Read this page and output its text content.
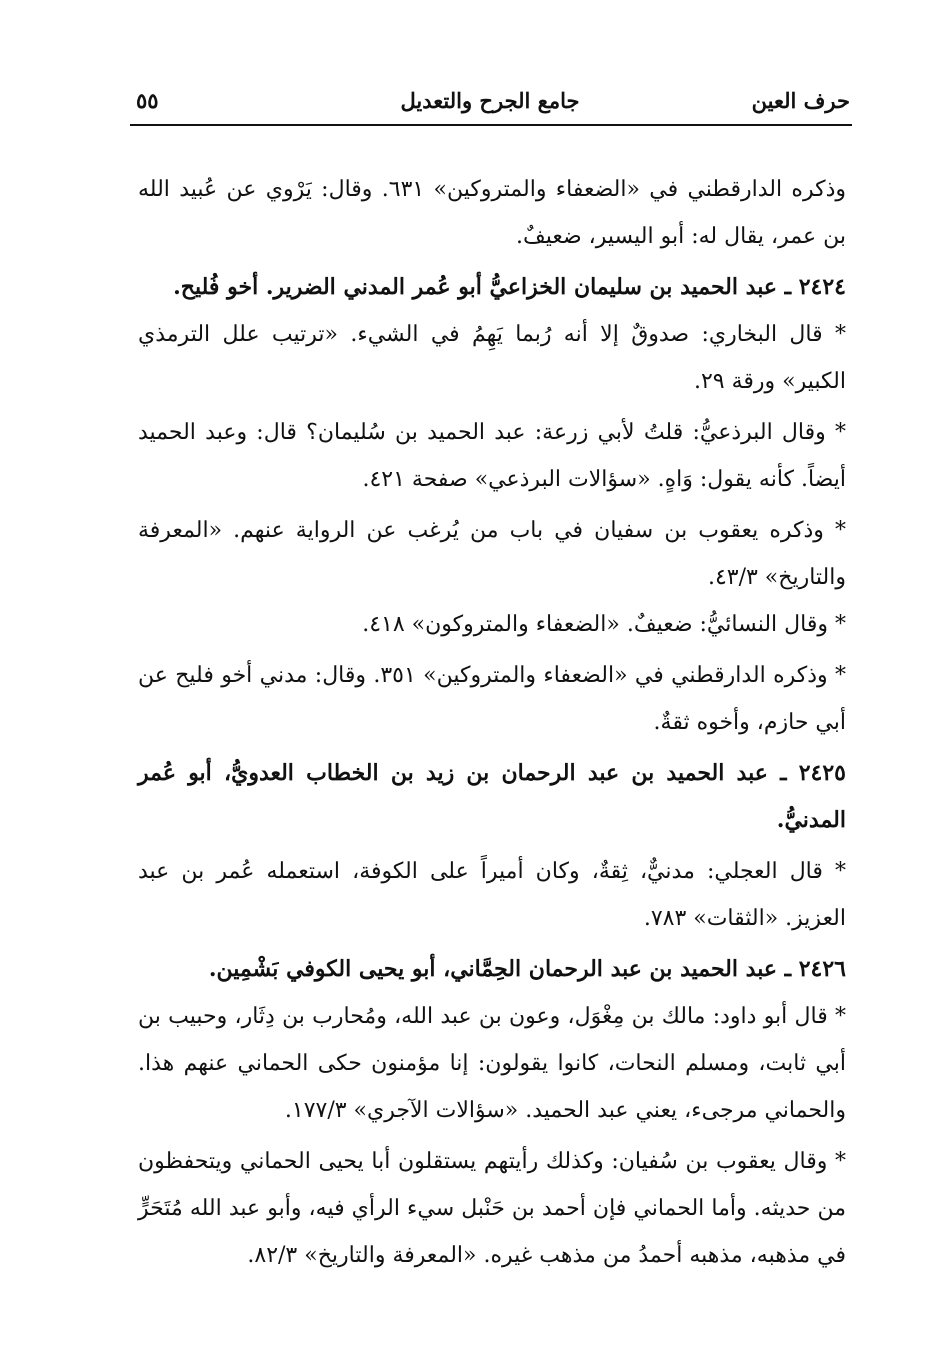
حرف العين
جامع الجرح والتعديل
٥٥

وذكره الدارقطني في «الضعفاء والمتروكين» ٦٣١. وقال: يَرْوي عن عُبيد الله بن عمر، يقال له: أبو اليسير، ضعيفٌ.

٢٤٢٤ ـ عبد الحميد بن سليمان الخزاعيُّ أبو عُمر المدني الضرير. أخو فُليح.

* قال البخاري: صدوقٌ إلا أنه رُبما يَهِمُ في الشيء. «ترتيب علل الترمذي الكبير» ورقة ٢٩.

* وقال البرذعيُّ: قلتُ لأبي زرعة: عبد الحميد بن سُليمان؟ قال: وعبد الحميد أيضاً. كأنه يقول: وَاهٍ. «سؤالات البرذعي» صفحة ٤٢١.

* وذكره يعقوب بن سفيان في باب من يُرغب عن الرواية عنهم. «المعرفة والتاريخ» ٤٣/٣.

* وقال النسائيُّ: ضعيفٌ. «الضعفاء والمتروكون» ٤١٨.

* وذكره الدارقطني في «الضعفاء والمتروكين» ٣٥١. وقال: مدني أخو فليح عن أبي حازم، وأخوه ثقةٌ.

٢٤٢٥ ـ عبد الحميد بن عبد الرحمان بن زيد بن الخطاب العدويُّ، أبو عُمر المدنيُّ.

* قال العجلي: مدنيٌّ، ثِقةٌ، وكان أميراً على الكوفة، استعمله عُمر بن عبد العزيز. «الثقات» ٧٨٣.

٢٤٢٦ ـ عبد الحميد بن عبد الرحمان الحِمَّاني، أبو يحيى الكوفي بَشْمِين.

* قال أبو داود: مالك بن مِغْوَل، وعون بن عبد الله، ومُحارب بن دِثَار، وحبيب بن أبي ثابت، ومسلم النحات، كانوا يقولون: إنا مؤمنون حكى الحماني عنهم هذا. والحماني مرجىء، يعني عبد الحميد. «سؤالات الآجري» ١٧٧/٣.

* وقال يعقوب بن سُفيان: وكذلك رأيتهم يستقلون أبا يحيى الحماني ويتحفظون من حديثه. وأما الحماني فإن أحمد بن حَنْبل سيء الرأي فيه، وأبو عبد الله مُتَحَرٍّ في مذهبه، مذهبه أحمدُ من مذهب غيره. «المعرفة والتاريخ» ٨٢/٣.
